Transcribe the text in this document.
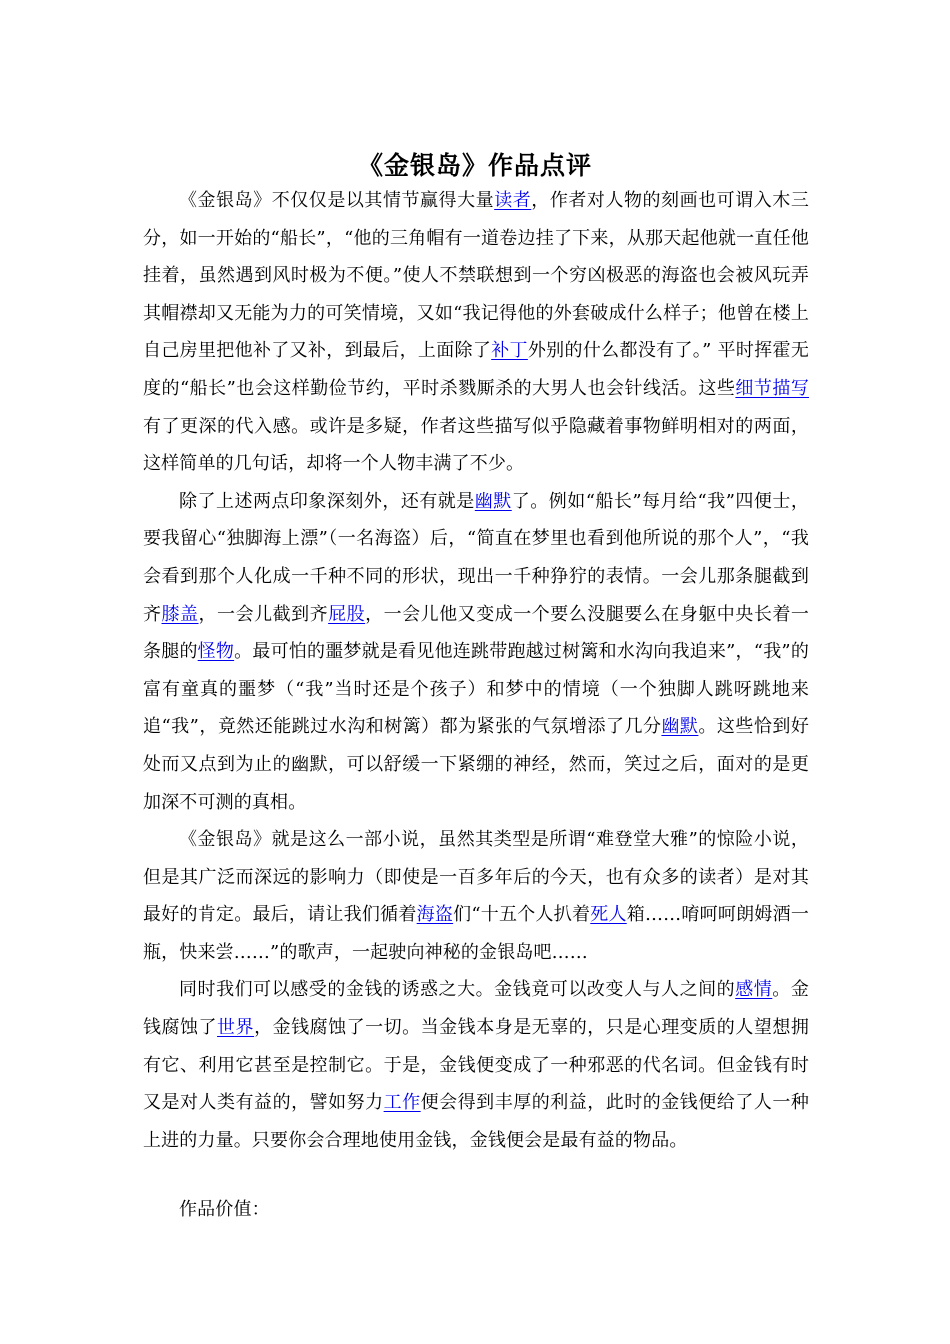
《金银岛》作品点评

《金银岛》不仅仅是以其情节赢得大量读者，作者对人物的刻画也可谓入木三分，如一开始的“船长”，“他的三角帽有一道卷边挂了下来，从那天起他就一直任他挂着，虽然遇到风时极为不便。”使人不禁联想到一个穷凶极恶的海盗也会被风玩弄其帽襟却又无能为力的可笑情境，又如“我记得他的外套破成什么样子；他曾在楼上自己房里把他补了又补，到最后，上面除了补丁外别的什么都没有了。” 平时挥霍无度的“船长”也会这样勤俭节约，平时杀戮厮杀的大男人也会针线活。这些细节描写有了更深的代入感。或许是多疑，作者这些描写似乎隐藏着事物鲜明相对的两面，这样简单的几句话，却将一个人物丰满了不少。

除了上述两点印象深刻外，还有就是幽默了。例如“船长”每月给“我”四便士，要我留心“独脚海上漂”（一名海盗）后，“简直在梦里也看到他所说的那个人”，“我会看到那个人化成一千种不同的形状，现出一千种狰狞的表情。一会儿那条腿截到齐膝盖，一会儿截到齐屁股，一会儿他又变成一个要么没腿要么在身躯中央长着一条腿的怪物。最可怕的噩梦就是看见他连跳带跑越过树篱和水沟向我追来”，“我”的富有童真的噩梦（“我”当时还是个孩子）和梦中的情境（一个独脚人跳呀跳地来追“我”，竟然还能跳过水沟和树篱）都为紧张的气氛增添了几分幽默。这些恰到好处而又点到为止的幽默，可以舒缓一下紧绷的神经，然而，笑过之后，面对的是更加深不可测的真相。

《金银岛》就是这么一部小说，虽然其类型是所谓“难登堂大雅”的惊险小说，但是其广泛而深远的影响力（即使是一百多年后的今天，也有众多的读者）是对其最好的肯定。最后，请让我们循着海盗们“十五个人扒着死人箱……唷呵呵朗姆酒一瓶，快来尝……”的歌声，一起驶向神秘的金银岛吧……

同时我们可以感受的金钱的诱惑之大。金钱竟可以改变人与人之间的感情。金钱腐蚀了世界，金钱腐蚀了一切。当金钱本身是无辜的，只是心理变质的人望想拥有它、利用它甚至是控制它。于是，金钱便变成了一种邪恶的代名词。但金钱有时又是对人类有益的，譬如努力工作便会得到丰厚的利益，此时的金钱便给了人一种上进的力量。只要你会合理地使用金钱，金钱便会是最有益的物品。

作品价值：
